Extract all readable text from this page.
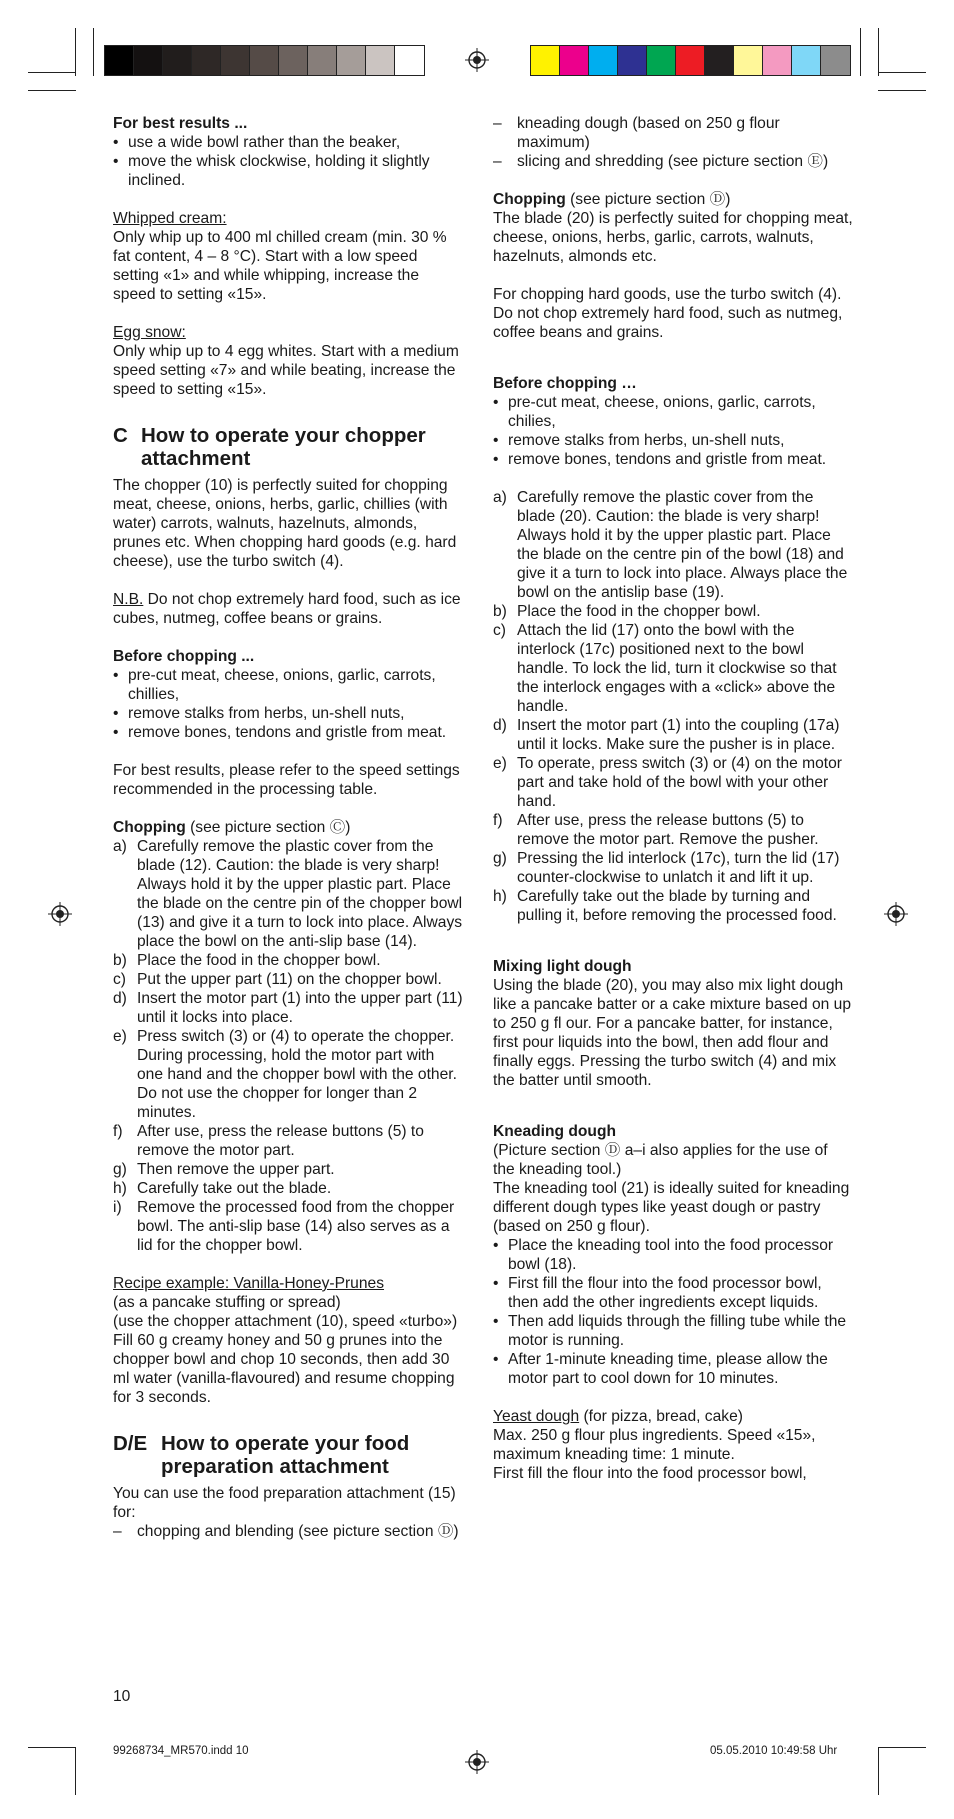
For best results ...

• use a wide bowl rather than the beaker,
• move the whisk clockwise, holding it slightly inclined.

Whipped cream:

Only whip up to 400 ml chilled cream (min. 30 % fat content, 4 – 8 °C). Start with a low speed setting «1» and while whipping, increase the speed to setting «15».

Egg snow:

Only whip up to 4 egg whites. Start with a medium speed setting «7» and while beating, increase the speed to setting «15».

C How to operate your chopper attachment

The chopper (10) is perfectly suited for chopping meat, cheese, onions, herbs, garlic, chillies (with water) carrots, walnuts, hazelnuts, almonds, prunes etc. When chopping hard goods (e.g. hard cheese), use the turbo switch (4).

N.B. Do not chop extremely hard food, such as ice cubes, nutmeg, coffee beans or grains.

Before chopping ...

• pre-cut meat, cheese, onions, garlic, carrots, chillies,
• remove stalks from herbs, un-shell nuts,
• remove bones, tendons and gristle from meat.

For best results, please refer to the speed settings recommended in the processing table.

Chopping (see picture section Ⓒ)

a) Carefully remove the plastic cover from the blade (12). Caution: the blade is very sharp! Always hold it by the upper plastic part. Place the blade on the centre pin of the chopper bowl (13) and give it a turn to lock into place. Always place the bowl on the anti-slip base (14).
b) Place the food in the chopper bowl.
c) Put the upper part (11) on the chopper bowl.
d) Insert the motor part (1) into the upper part (11) until it locks into place.
e) Press switch (3) or (4) to operate the chopper. During processing, hold the motor part with one hand and the chopper bowl with the other. Do not use the chopper for longer than 2 minutes.
f) After use, press the release buttons (5) to remove the motor part.
g) Then remove the upper part.
h) Carefully take out the blade.
i) Remove the processed food from the chopper bowl. The anti-slip base (14) also serves as a lid for the chopper bowl.

Recipe example: Vanilla-Honey-Prunes

(as a pancake stuffing or spread)

(use the chopper attachment (10), speed «turbo»)

Fill 60 g creamy honey and 50 g prunes into the chopper bowl and chop 10 seconds, then add 30 ml water (vanilla-flavoured) and resume chopping for 3 seconds.

D/E How to operate your food preparation attachment

You can use the food preparation attachment (15) for:

– chopping and blending (see picture section Ⓓ)
– kneading dough (based on 250 g flour maximum)
– slicing and shredding (see picture section Ⓔ)

Chopping (see picture section Ⓓ)

The blade (20) is perfectly suited for chopping meat, cheese, onions, herbs, garlic, carrots, walnuts, hazelnuts, almonds etc.

For chopping hard goods, use the turbo switch (4).

Do not chop extremely hard food, such as nutmeg, coffee beans and grains.

Before chopping …

• pre-cut meat, cheese, onions, garlic, carrots, chilies,
• remove stalks from herbs, un-shell nuts,
• remove bones, tendons and gristle from meat.
a) Carefully remove the plastic cover from the blade (20). Caution: the blade is very sharp! Always hold it by the upper plastic part. Place the blade on the centre pin of the bowl (18) and give it a turn to lock into place. Always place the bowl on the antislip base (19).
b) Place the food in the chopper bowl.
c) Attach the lid (17) onto the bowl with the interlock (17c) positioned next to the bowl handle. To lock the lid, turn it clockwise so that the interlock engages with a «click» above the handle.
d) Insert the motor part (1) into the coupling (17a) until it locks. Make sure the pusher is in place.
e) To operate, press switch (3) or (4) on the motor part and take hold of the bowl with your other hand.
f) After use, press the release buttons (5) to remove the motor part. Remove the pusher.
g) Pressing the lid interlock (17c), turn the lid (17) counter-clockwise to unlatch it and lift it up.
h) Carefully take out the blade by turning and pulling it, before removing the processed food.

Mixing light dough

Using the blade (20), you may also mix light dough like a pancake batter or a cake mixture based on up to 250 g fl our. For a pancake batter, for instance, first pour liquids into the bowl, then add flour and finally eggs. Pressing the turbo switch (4) and mix the batter until smooth.

Kneading dough

(Picture section Ⓓ a–i also applies for the use of the kneading tool.)

The kneading tool (21) is ideally suited for kneading different dough types like yeast dough or pastry (based on 250 g flour).

• Place the kneading tool into the food processor bowl (18).
• First fill the flour into the food processor bowl, then add the other ingredients except liquids.
• Then add liquids through the filling tube while the motor is running.
• After 1-minute kneading time, please allow the motor part to cool down for 10 minutes.

Yeast dough (for pizza, bread, cake)

Max. 250 g flour plus ingredients. Speed «15», maximum kneading time: 1 minute.

First fill the flour into the food processor bowl,

10
99268734_MR570.indd 10	05.05.2010 10:49:58 Uhr
